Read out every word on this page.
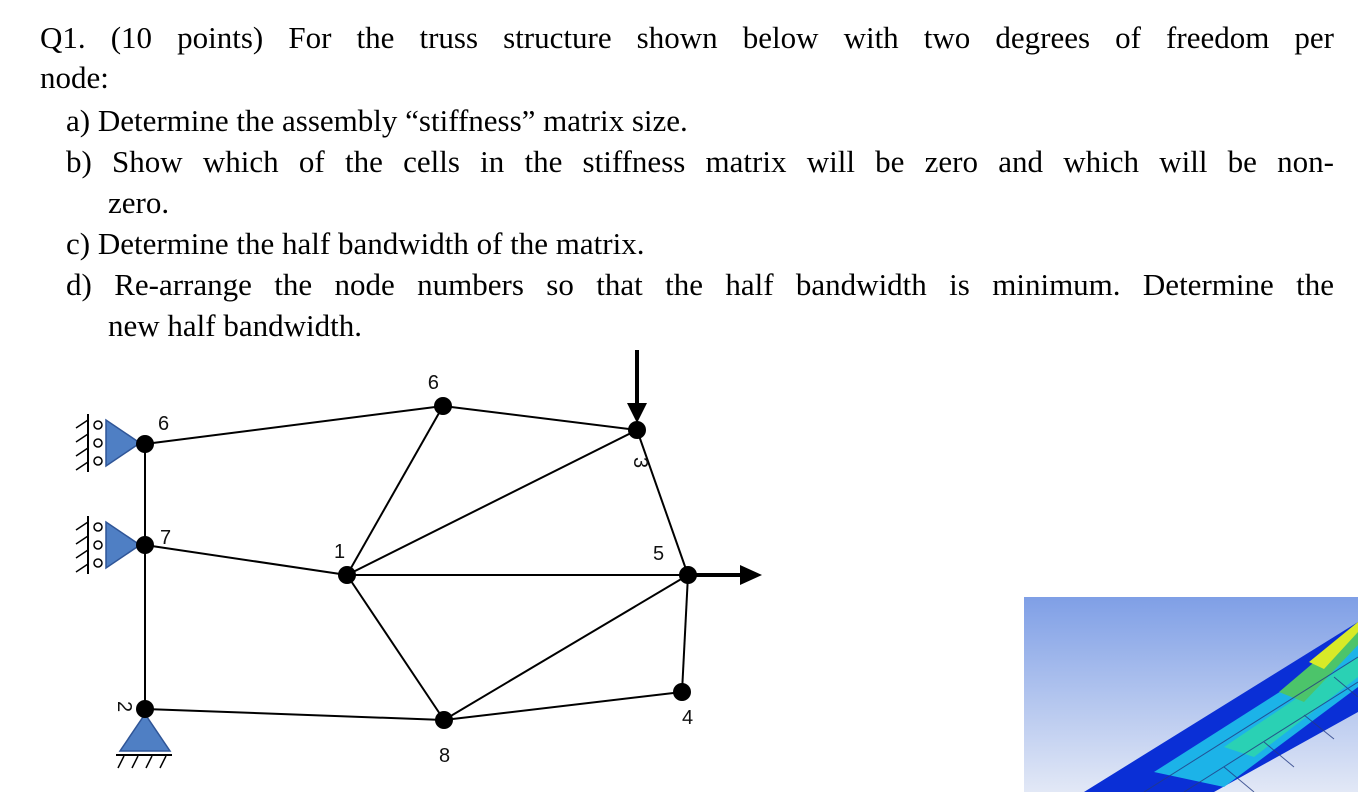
Q1. (10 points) For the truss structure shown below with two degrees of freedom per
node:
a) Determine the assembly “stiffness” matrix size.
b) Show which of the cells in the stiffness matrix will be zero and which will be non-
zero.
c) Determine the half bandwidth of the matrix.
d) Re-arrange the node numbers so that the half bandwidth is minimum. Determine the
new half bandwidth.
1
2
3
4
5
6
7
8
9
